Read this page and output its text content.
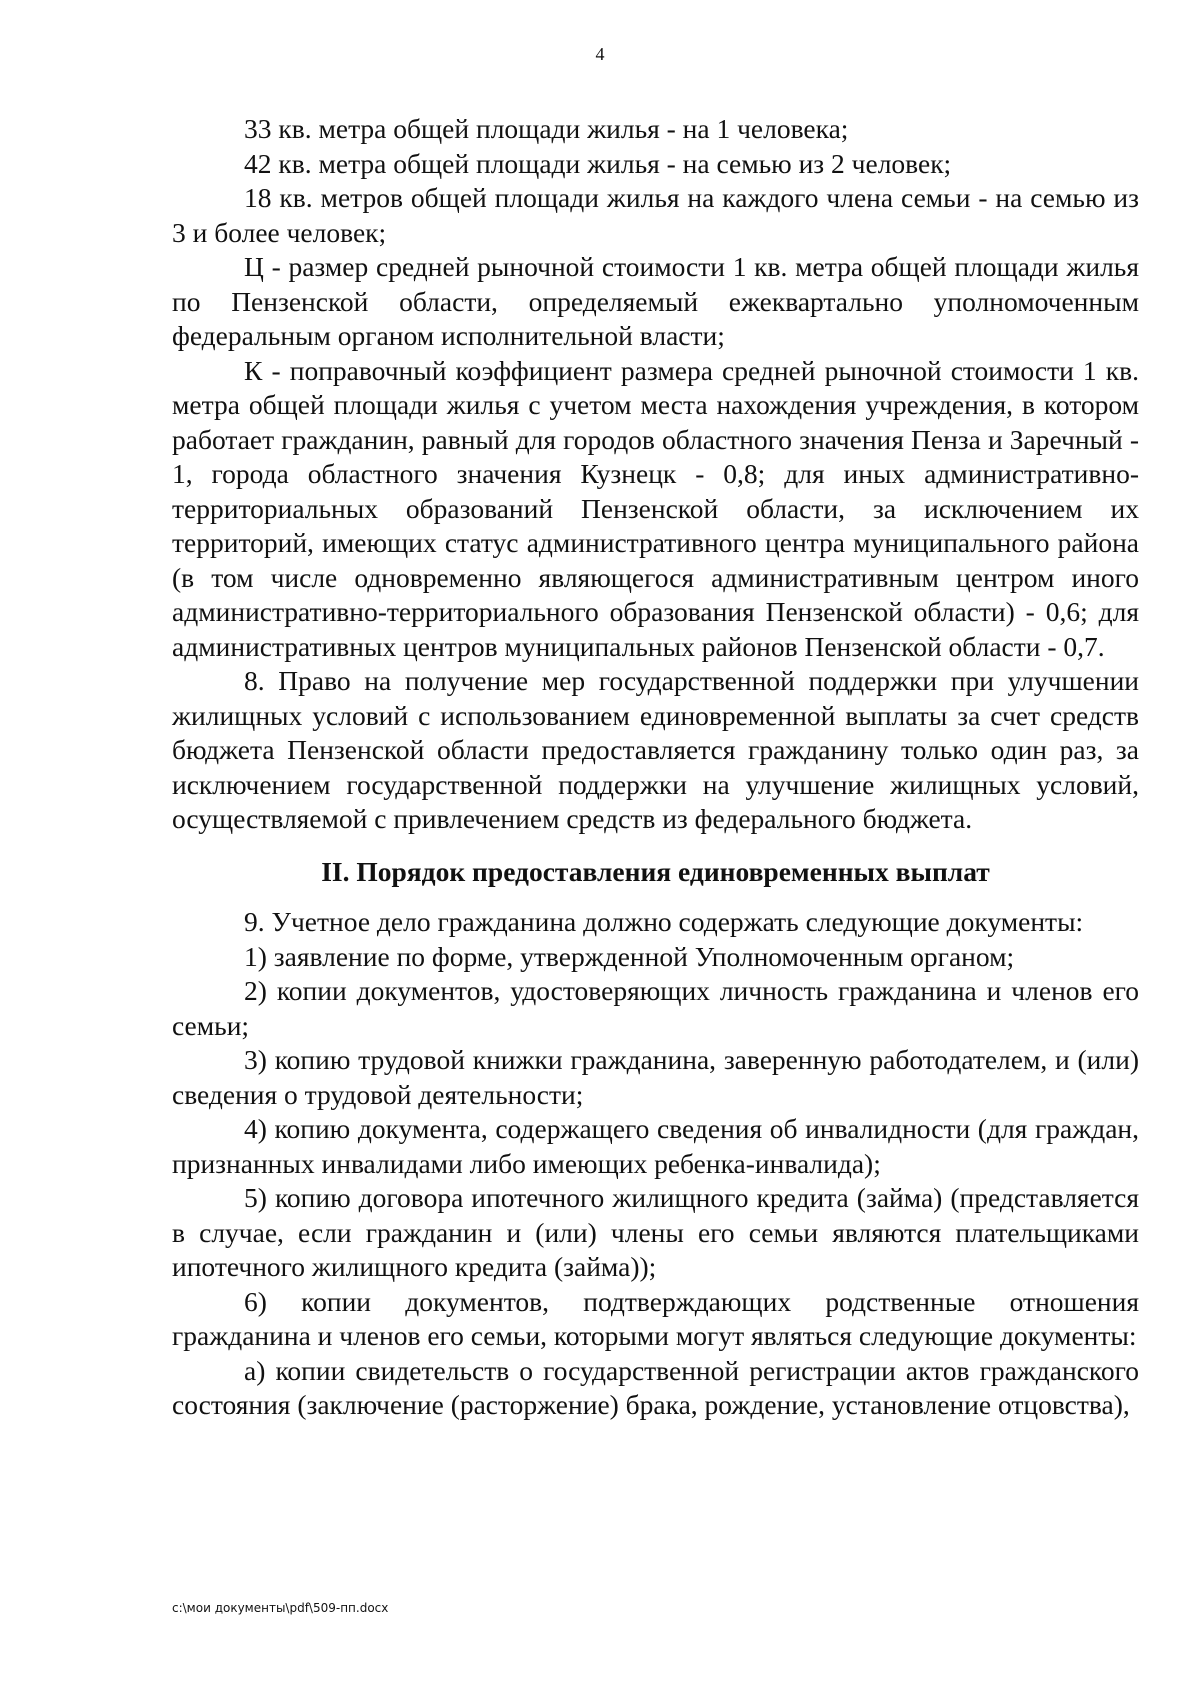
4

33 кв. метра общей площади жилья - на 1 человека;

42 кв. метра общей площади жилья - на семью из 2 человек;

18 кв. метров общей площади жилья на каждого члена семьи - на семью из 3 и более человек;

Ц - размер средней рыночной стоимости 1 кв. метра общей площади жилья по Пензенской области, определяемый ежеквартально уполномоченным федеральным органом исполнительной власти;

К - поправочный коэффициент размера средней рыночной стоимости 1 кв. метра общей площади жилья с учетом места нахождения учреждения, в котором работает гражданин, равный для городов областного значения Пенза и Заречный - 1, города областного значения Кузнецк - 0,8; для иных административно-территориальных образований Пензенской области, за исключением их территорий, имеющих статус административного центра муниципального района (в том числе одновременно являющегося административным центром иного административно-территориального образования Пензенской области) - 0,6; для административных центров муниципальных районов Пензенской области - 0,7.

8. Право на получение мер государственной поддержки при улучшении жилищных условий с использованием единовременной выплаты за счет средств бюджета Пензенской области предоставляется гражданину только один раз, за исключением государственной поддержки на улучшение жилищных условий, осуществляемой с привлечением средств из федерального бюджета.

II. Порядок предоставления единовременных выплат

9. Учетное дело гражданина должно содержать следующие документы:

1) заявление по форме, утвержденной Уполномоченным органом;

2) копии документов, удостоверяющих личность гражданина и членов его семьи;

3) копию трудовой книжки гражданина, заверенную работодателем, и (или) сведения о трудовой деятельности;

4) копию документа, содержащего сведения об инвалидности (для граждан, признанных инвалидами либо имеющих ребенка-инвалида);

5) копию договора ипотечного жилищного кредита (займа) (представляется в случае, если гражданин и (или) члены его семьи являются плательщиками ипотечного жилищного кредита (займа));

6) копии документов, подтверждающих родственные отношения гражданина и членов его семьи, которыми могут являться следующие документы:

а) копии свидетельств о государственной регистрации актов гражданского состояния (заключение (расторжение) брака, рождение, установление отцовства),

c:\мои документы\pdf\509-пп.docx
